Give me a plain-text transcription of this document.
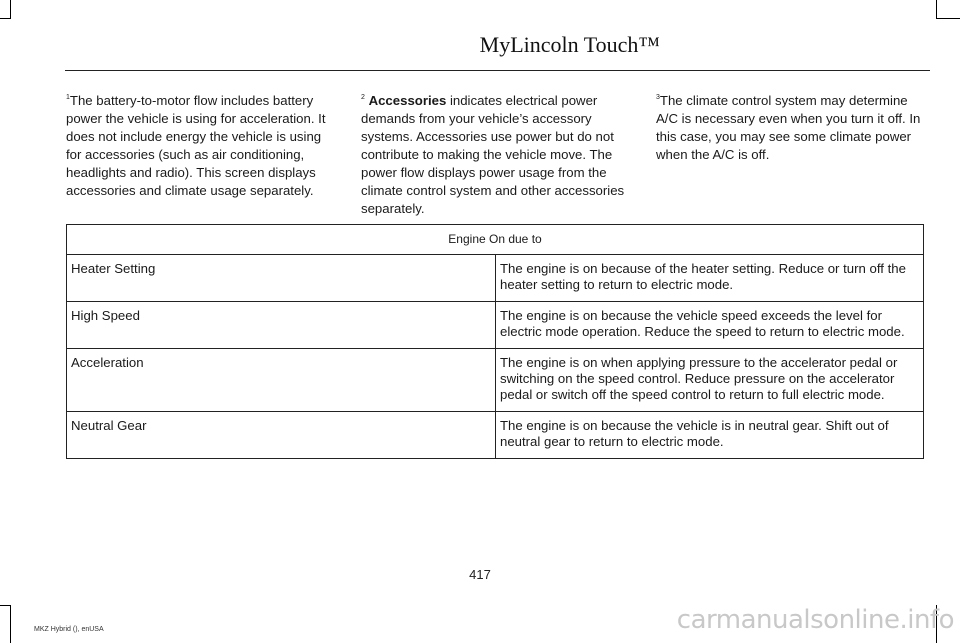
MyLincoln Touch™
$^1$The battery-to-motor flow includes battery power the vehicle is using for acceleration. It does not include energy the vehicle is using for accessories (such as air conditioning, headlights and radio). This screen displays accessories and climate usage separately.
$^2$ Accessories indicates electrical power demands from your vehicle’s accessory systems. Accessories use power but do not contribute to making the vehicle move. The power flow displays power usage from the climate control system and other accessories separately.
$^3$The climate control system may determine A/C is necessary even when you turn it off. In this case, you may see some climate power when the A/C is off.
Engine On due to	
Heater Setting	The engine is on because of the heater setting. Reduce or turn off the heater setting to return to electric mode.
High Speed	The engine is on because the vehicle speed exceeds the level for electric mode operation. Reduce the speed to return to electric mode.
Acceleration	The engine is on when applying pressure to the accelerator pedal or switching on the speed control. Reduce pressure on the accelerator pedal or switch off the speed control to return to full electric mode.
Neutral Gear	The engine is on because the vehicle is in neutral gear. Shift out of neutral gear to return to electric mode.
417
MKZ Hybrid (), enUSA	carmanualsonline.info
